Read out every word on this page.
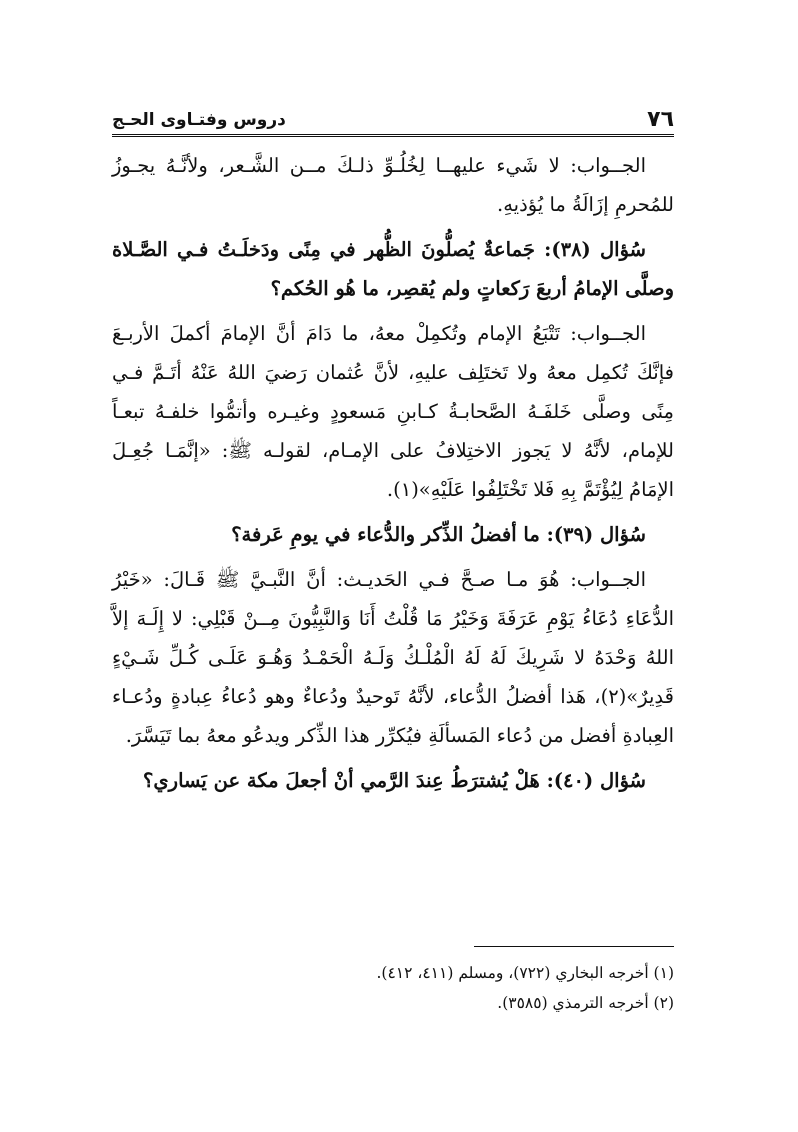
٧٦
دروس وفتـاوى الحـج

الجــواب: لا شَيء عليهــا لِخُلُـوِّ ذلـكَ مــن الشَّـعر، ولأنَّـهُ يجـوزُ للمُحرمِ إزَالَةُ ما يُؤذيهِ.

سُؤال (٣٨): جَماعةٌ يُصلُّونَ الظُّهر في مِنًى ودَخلَـتُ فـي الصَّـلاة وصلَّى الإمامُ أربعَ رَكعاتٍ ولم يُقصِر، ما هُو الحُكم؟

الجــواب: تَتْبَعُ الإمام وتُكمِلْ معهُ، ما دَامَ أنَّ الإمامَ أكملَ الأربـعَ فإنَّكَ تُكمِل معهُ ولا تَختَلِف عليهِ، لأنَّ عُثمان رَضيَ اللهُ عَنْهُ أتَـمَّ فـي مِنًى وصلَّى خَلفَـهُ الصَّحابـةُ كـابنِ مَسعودٍ وغيـره وأتمُّوا خلفـهُ تبعـاً للإمام، لأنَّهُ لا يَجوز الاختِلافُ على الإمـام، لقولـه ﷺ: «إنَّمَـا جُعِـلَ الإمَامُ لِيُؤْتَمَّ بِهِ فَلا تَخْتَلِفُوا عَلَيْهِ»(١).

سُؤال (٣٩): ما أفضلُ الذِّكر والدُّعاء في يومِ عَرفة؟

الجــواب: هُوَ مـا صـحَّ فـي الحَديـث: أنَّ النَّبـيَّ ﷺ قَـالَ: «خَيْرُ الدُّعَاءِ دُعَاءُ يَوْمِ عَرَفَةَ وَخَيْرُ مَا قُلْتُ أَنَا وَالنَّبِيُّونَ مِــنْ قَبْلِي: لا إِلَـهَ إلاَّ اللهُ وَحْدَهُ لا شَرِيكَ لَهُ لَهُ الْمُلْـكُ وَلَـهُ الْحَمْـدُ وَهُـوَ عَلَـى كُـلِّ شَـيْءٍ قَدِيرٌ»(٢)، هَذا أفضلُ الدُّعاء، لأنَّهُ تَوحيدٌ ودُعاءٌ وهو دُعاءُ عِبادةٍ ودُعـاء العِبادةِ أفضل من دُعاء المَسألَةِ فيُكرِّر هذا الذِّكر ويدعُو معهُ بما تَيَسَّرَ.

سُؤال (٤٠): هَلْ يُشترَطُ عِندَ الرَّمي أنْ أجعلَ مكة عن يَساري؟

(١) أخرجه البخاري (٧٢٢)، ومسلم (٤١١، ٤١٢).

(٢) أخرجه الترمذي (٣٥٨٥).
